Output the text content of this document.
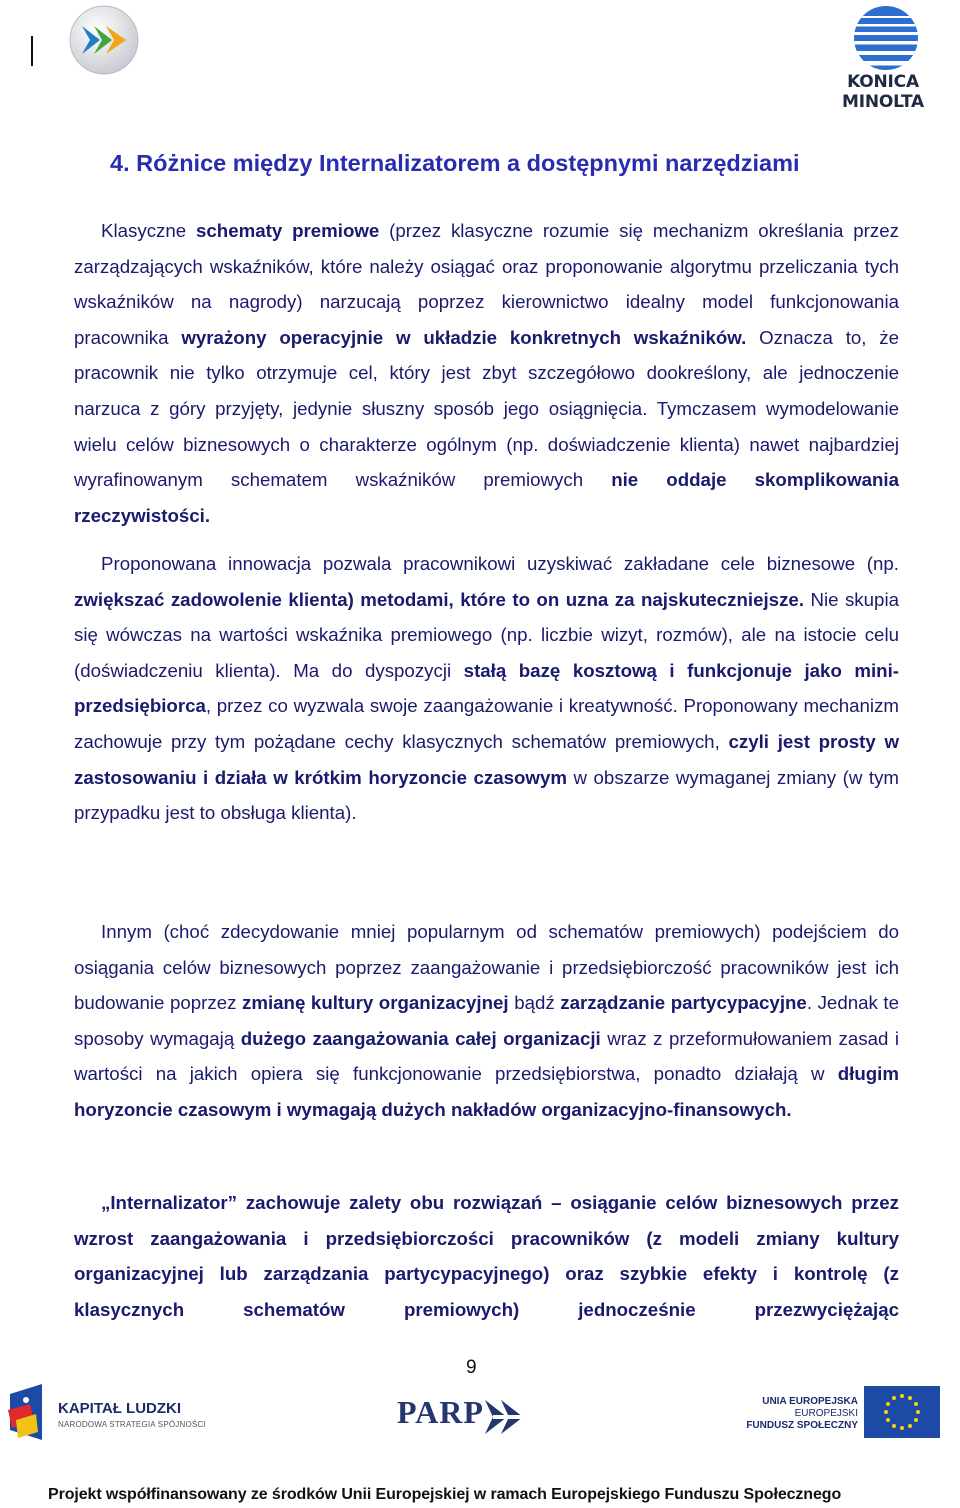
KONICA MINOLTA
4. Różnice między Internalizatorem a dostępnymi narzędziami

Klasyczne schematy premiowe (przez klasyczne rozumie się mechanizm określania przez zarządzających wskaźników, które należy osiągać oraz proponowanie algorytmu przeliczania tych wskaźników na nagrody) narzucają poprzez kierownictwo idealny model funkcjonowania pracownika wyrażony operacyjnie w układzie konkretnych wskaźników. Oznacza to, że pracownik nie tylko otrzymuje cel, który jest zbyt szczegółowo dookreślony, ale jednoczenie narzuca z góry przyjęty, jedynie słuszny sposób jego osiągnięcia. Tymczasem wymodelowanie wielu celów biznesowych o charakterze ogólnym (np. doświadczenie klienta) nawet najbardziej wyrafinowanym schematem wskaźników premiowych nie oddaje skomplikowania rzeczywistości.

Proponowana innowacja pozwala pracownikowi uzyskiwać zakładane cele biznesowe (np. zwiększać zadowolenie klienta) metodami, które to on uzna za najskuteczniejsze. Nie skupia się wówczas na wartości wskaźnika premiowego (np. liczbie wizyt, rozmów), ale na istocie celu (doświadczeniu klienta). Ma do dyspozycji stałą bazę kosztową i funkcjonuje jako mini-przedsiębiorca, przez co wyzwala swoje zaangażowanie i kreatywność. Proponowany mechanizm zachowuje przy tym pożądane cechy klasycznych schematów premiowych, czyli jest prosty w zastosowaniu i działa w krótkim horyzoncie czasowym w obszarze wymaganej zmiany (w tym przypadku jest to obsługa klienta).

Innym (choć zdecydowanie mniej popularnym od schematów premiowych) podejściem do osiągania celów biznesowych poprzez zaangażowanie i przedsiębiorczość pracowników jest ich budowanie poprzez zmianę kultury organizacyjnej bądź zarządzanie partycypacyjne. Jednak te sposoby wymagają dużego zaangażowania całej organizacji wraz z przeformułowaniem zasad i wartości na jakich opiera się funkcjonowanie przedsiębiorstwa, ponadto działają w długim horyzoncie czasowym i wymagają dużych nakładów organizacyjno-finansowych.

„Internalizator” zachowuje zalety obu rozwiązań – osiąganie celów biznesowych przez wzrost zaangażowania i przedsiębiorczości pracowników (z modeli zmiany kultury organizacyjnej lub zarządzania partycypacyjnego) oraz szybkie efekty i kontrolę (z klasycznych schematów premiowych) jednocześnie przezwyciężając

9
KAPITAŁ LUDZKI
NARODOWA STRATEGIA SPÓJNOŚCI	PARP	UNIA EUROPEJSKA
EUROPEJSKI
FUNDUSZ SPOŁECZNY
Projekt współfinansowany ze środków Unii Europejskiej w ramach Europejskiego Funduszu Społecznego
